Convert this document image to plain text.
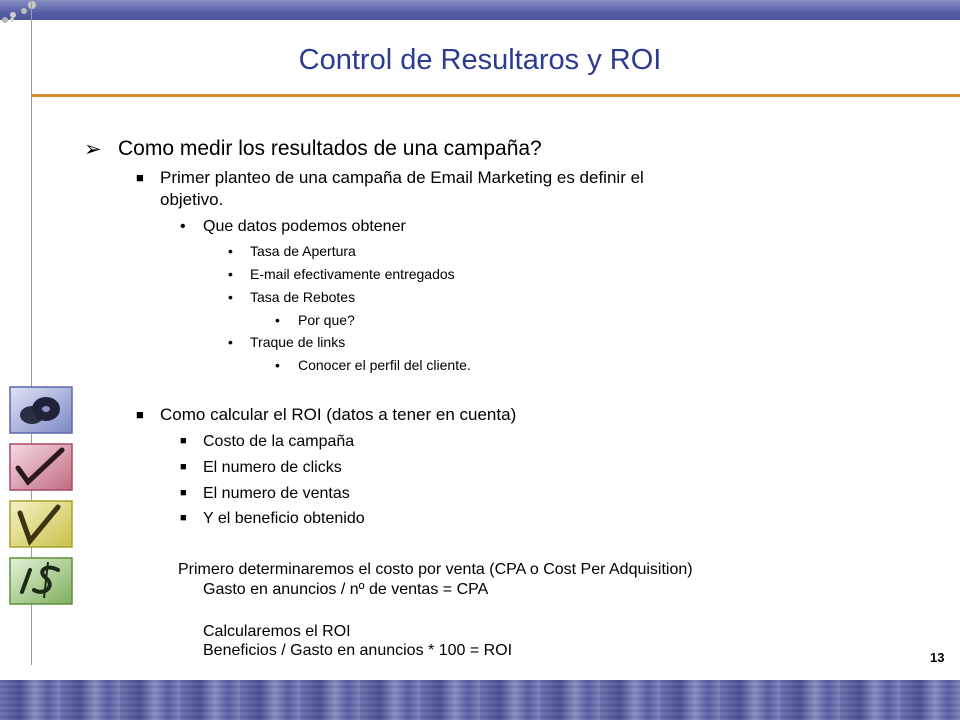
Control de Resultaros y ROI
➢ Como medir los resultados de una campaña?
■ Primer planteo de una campaña de Email Marketing es definir el
objetivo.
• Que datos podemos obtener
• Tasa de Apertura
• E-mail efectivamente entregados
• Tasa de Rebotes
• Por que?
• Traque de links
• Conocer el perfil del cliente.
■ Como calcular el ROI (datos a tener en cuenta)
■ Costo de la campaña
■ El numero de clicks
■ El numero de ventas
■ Y el beneficio obtenido
Primero determinaremos el costo por venta (CPA o Cost Per Adquisition)
Gasto en anuncios / nº de ventas = CPA
Calcularemos el ROI
Beneficios / Gasto en anuncios * 100 = ROI	13
